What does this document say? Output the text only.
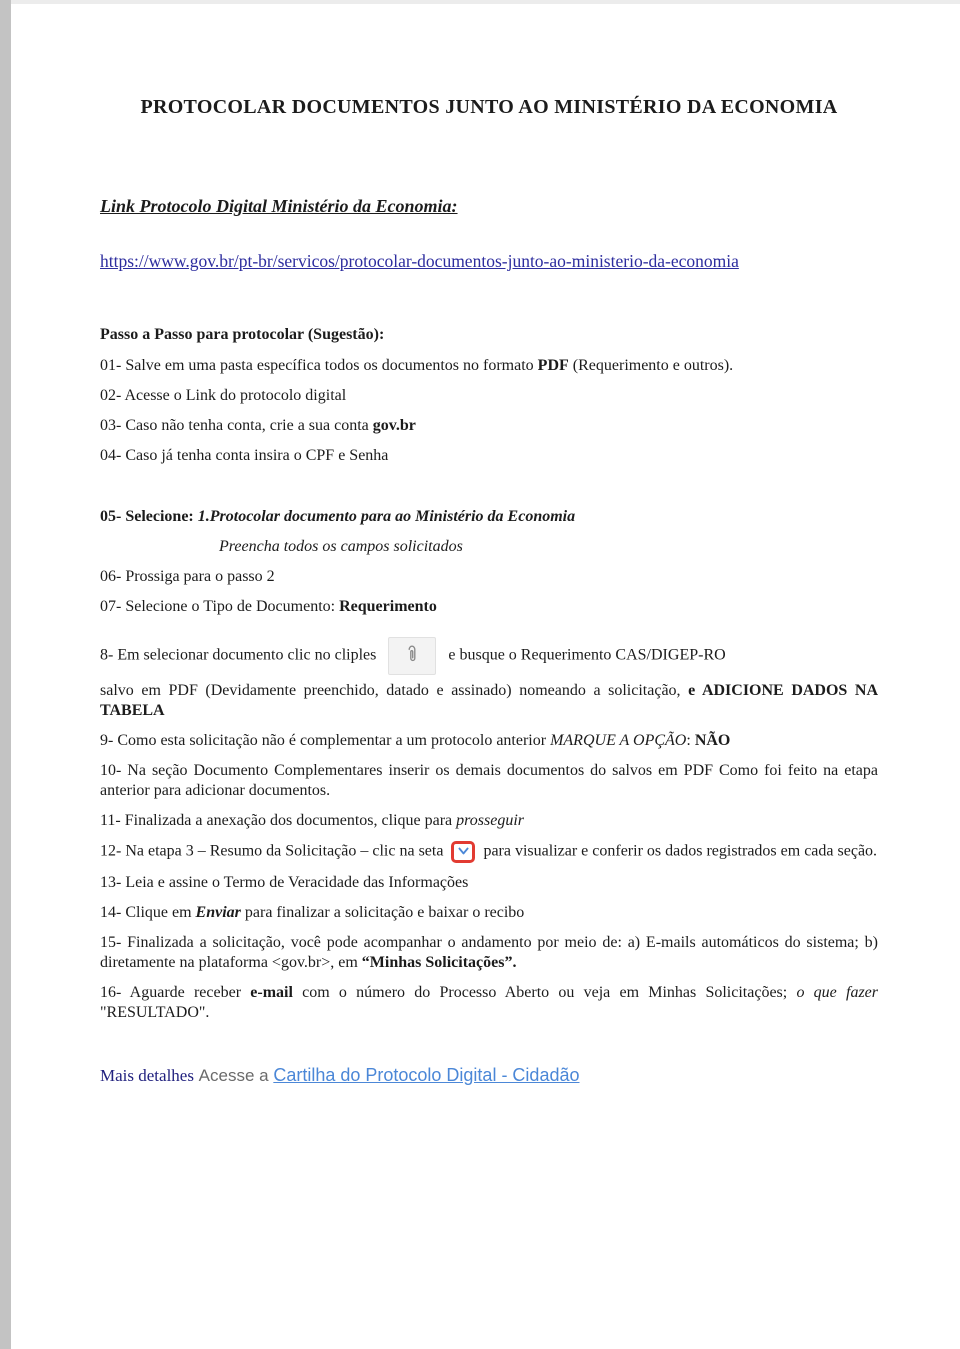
PROTOCOLAR DOCUMENTOS JUNTO AO MINISTÉRIO DA ECONOMIA

Link Protocolo Digital Ministério da Economia:

https://www.gov.br/pt-br/servicos/protocolar-documentos-junto-ao-ministerio-da-economia

Passo a Passo para protocolar (Sugestão):

01- Salve em uma pasta específica todos os documentos no formato PDF (Requerimento e outros).

02- Acesse o Link do protocolo digital

03- Caso não tenha conta, crie a sua conta gov.br

04- Caso já tenha conta insira o CPF e Senha

05- Selecione: 1.Protocolar documento para ao Ministério da Economia

Preencha todos os campos solicitados

06- Prossiga para o passo 2

07- Selecione o Tipo de Documento: Requerimento

8- Em selecionar documento clic no cliples	e busque o Requerimento CAS/DIGEP-RO

salvo em PDF (Devidamente preenchido, datado e assinado) nomeando a solicitação, e ADICIONE DADOS NA TABELA

9- Como esta solicitação não é complementar a um protocolo anterior MARQUE A OPÇÃO: NÃO

10- Na seção Documento Complementares inserir os demais documentos do salvos em PDF Como foi feito na etapa anterior para adicionar documentos.

11- Finalizada a anexação dos documentos, clique para prosseguir

12- Na etapa 3 – Resumo da Solicitação – clic na seta
para visualizar e conferir os dados registrados em cada seção.

13- Leia e assine o Termo de Veracidade das Informações

14- Clique em Enviar para finalizar a solicitação e baixar o recibo

15- Finalizada a solicitação, você pode acompanhar o andamento por meio de: a) E-mails automáticos do sistema; b) diretamente na plataforma <gov.br>, em “Minhas Solicitações”.

16- Aguarde receber e-mail com o número do Processo Aberto ou veja em Minhas Solicitações; o que fazer "RESULTADO".

Mais detalhes Acesse a Cartilha do Protocolo Digital - Cidadão
